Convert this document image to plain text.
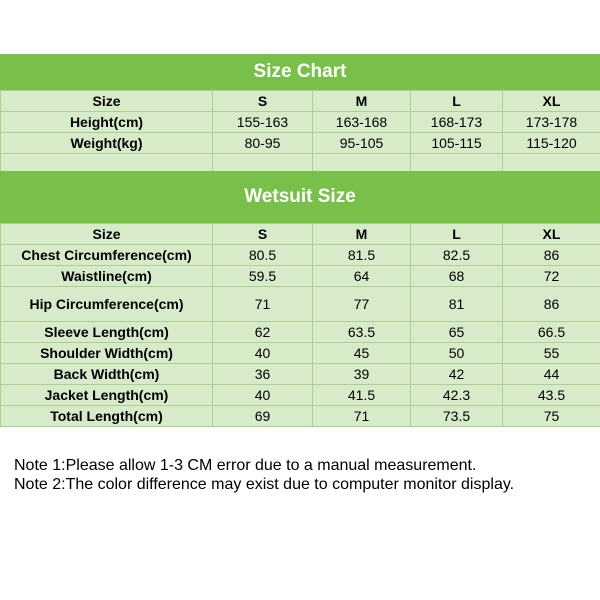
Size Chart
Size	S	M	L	XL
Height(cm)	155-163	163-168	168-173	173-178
Weight(kg)	80-95	95-105	105-115	115-120

Wetsuit Size
Size	S	M	L	XL
Chest Circumference(cm)	80.5	81.5	82.5	86
Waistline(cm)	59.5	64	68	72
Hip Circumference(cm)	71	77	81	86
Sleeve Length(cm)	62	63.5	65	66.5
Shoulder Width(cm)	40	45	50	55
Back Width(cm)	36	39	42	44
Jacket Length(cm)	40	41.5	42.3	43.5
Total Length(cm)	69	71	73.5	75
Note 1:Please allow 1-3 CM error due to a manual measurement.
Note 2:The color difference may exist due to computer monitor display.
